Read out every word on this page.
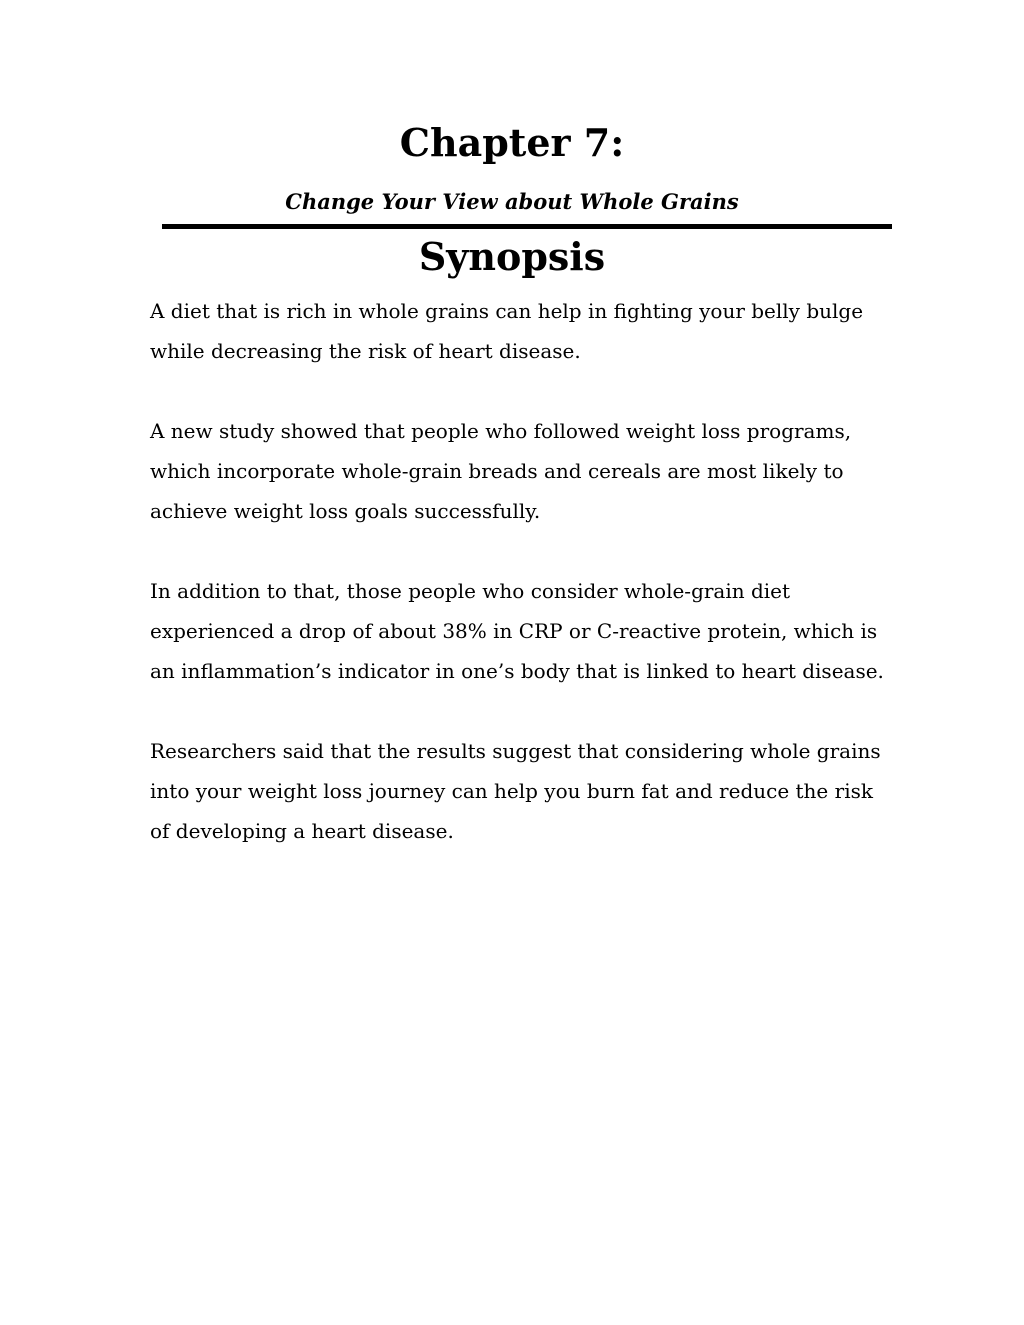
Chapter 7:
Change Your View about Whole Grains
Synopsis

A diet that is rich in whole grains can help in fighting your belly bulge while decreasing the risk of heart disease.

A new study showed that people who followed weight loss programs, which incorporate whole-grain breads and cereals are most likely to achieve weight loss goals successfully.

In addition to that, those people who consider whole-grain diet experienced a drop of about 38% in CRP or C-reactive protein, which is an inflammation’s indicator in one’s body that is linked to heart disease.

Researchers said that the results suggest that considering whole grains into your weight loss journey can help you burn fat and reduce the risk of developing a heart disease.
